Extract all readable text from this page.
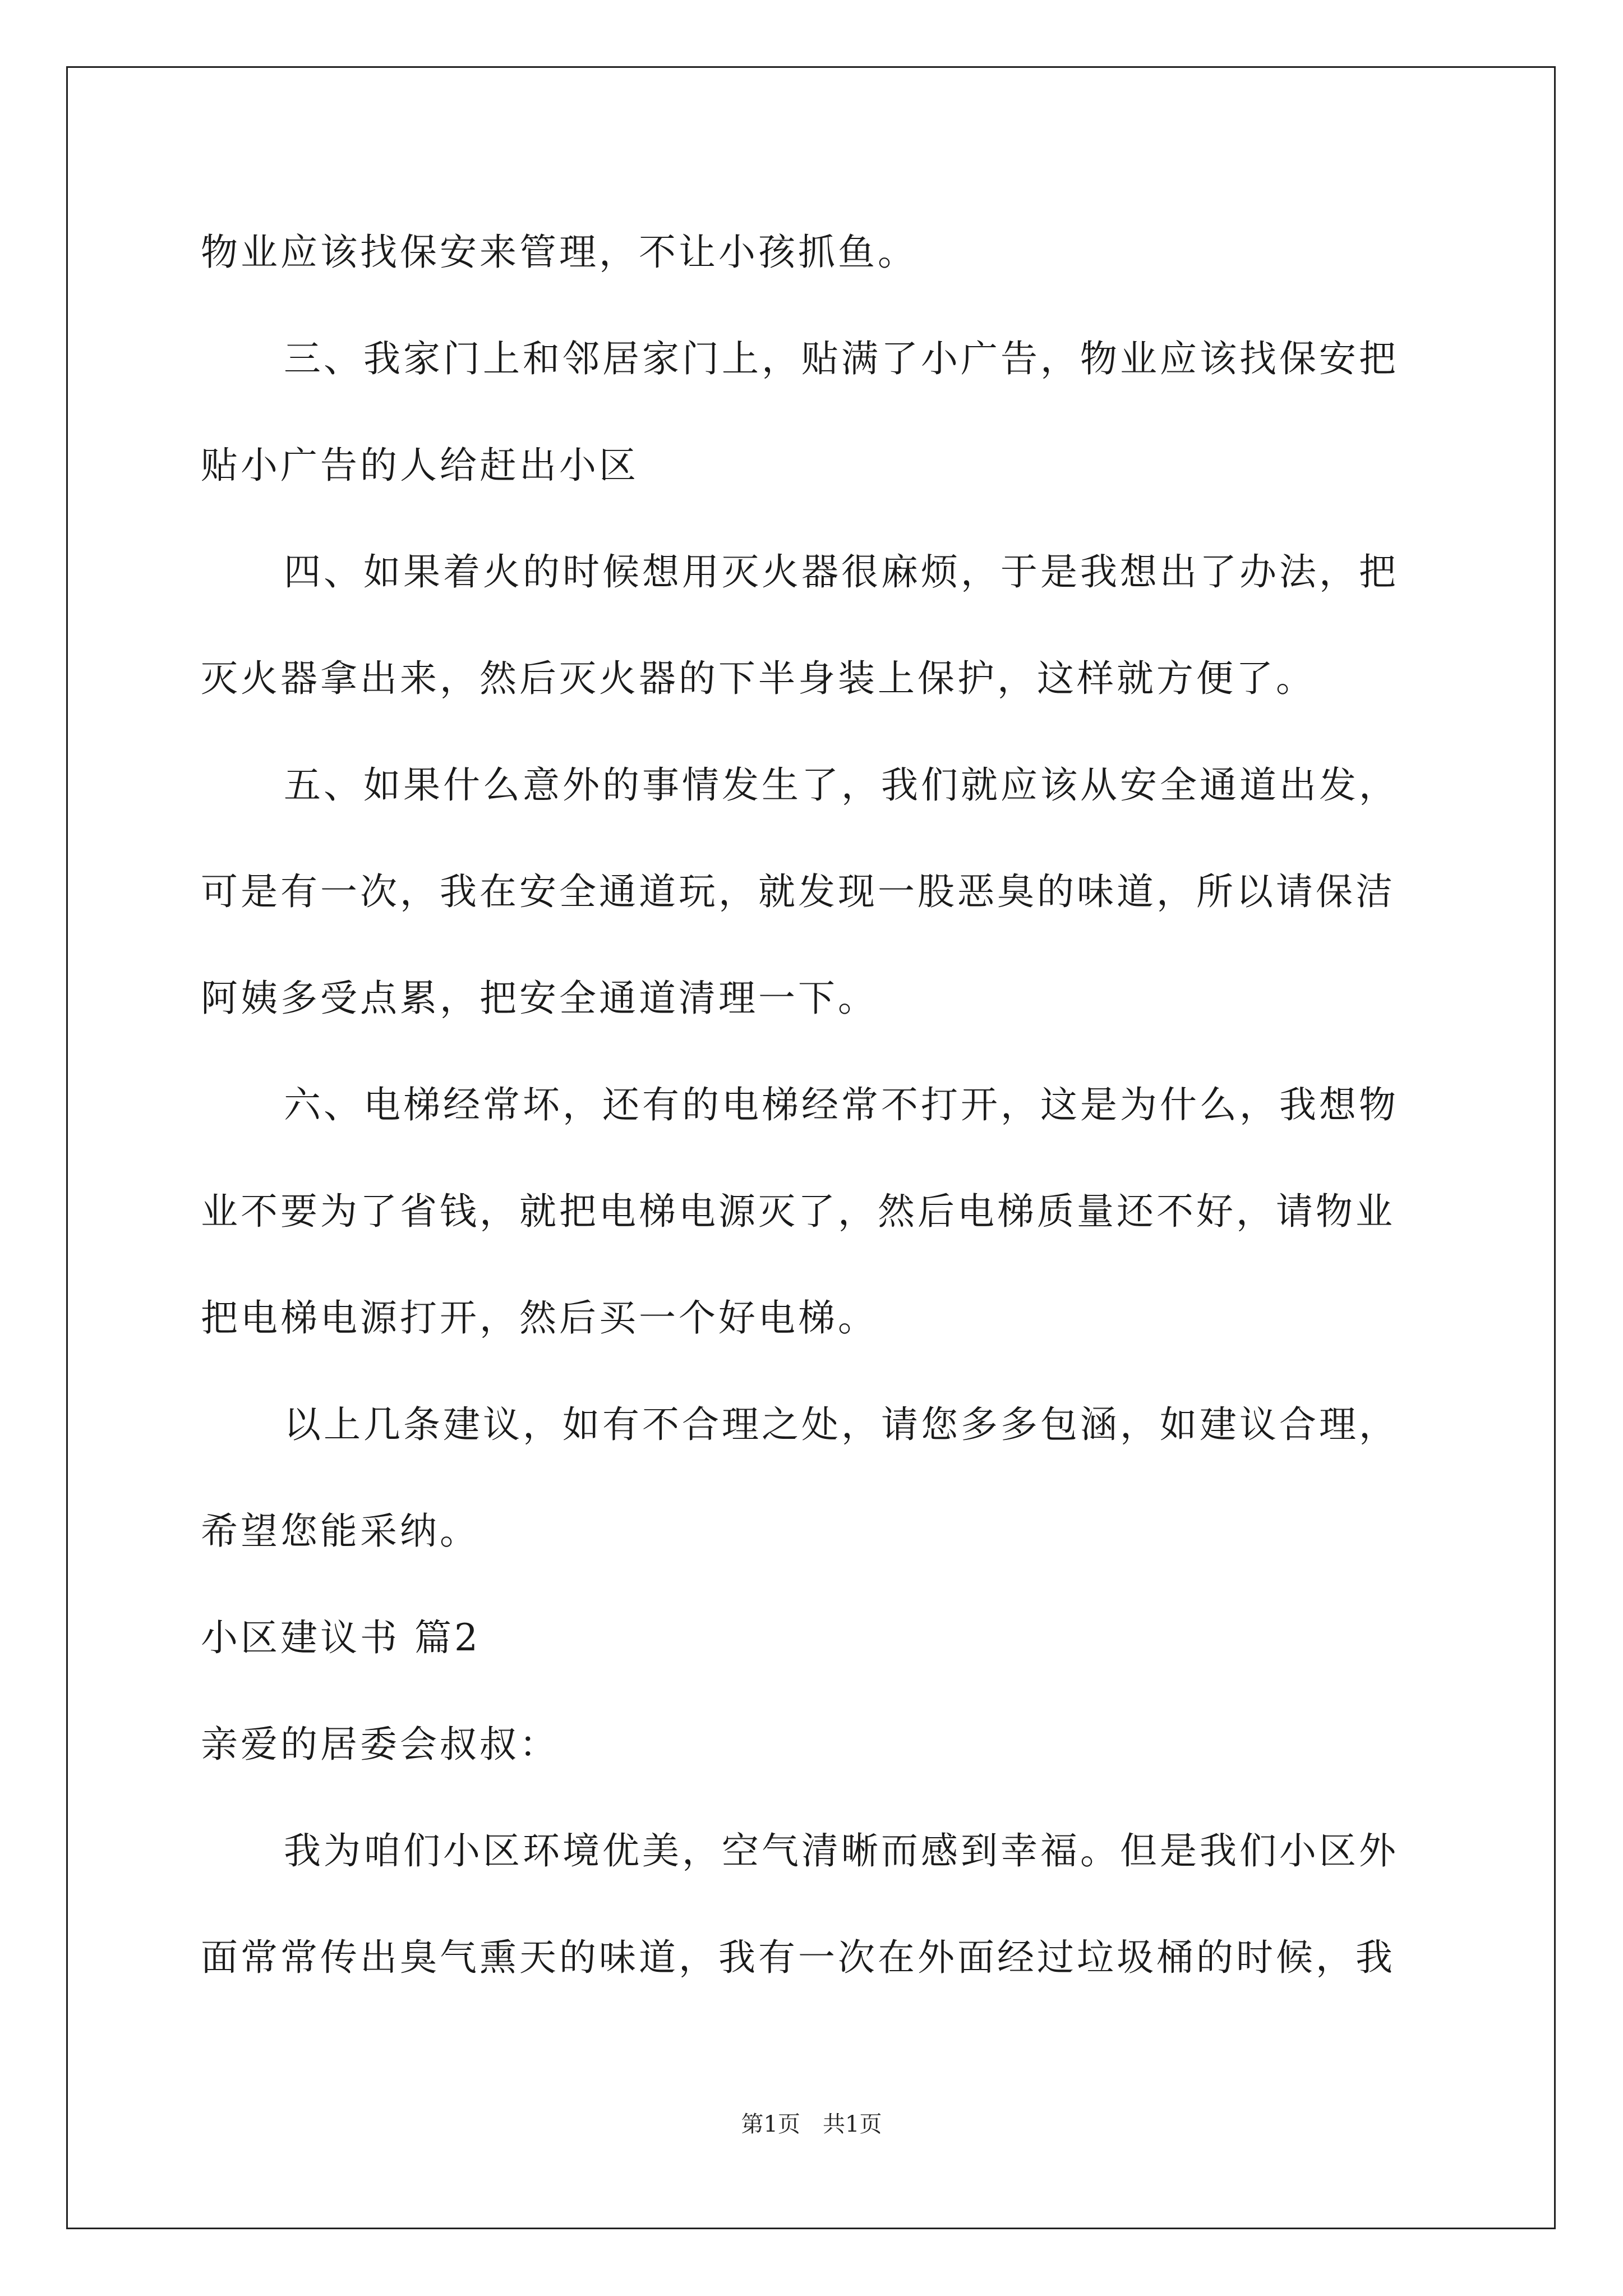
物业应该找保安来管理，不让小孩抓鱼。
三、我家门上和邻居家门上，贴满了小广告，物业应该找保安把
贴小广告的人给赶出小区
四、如果着火的时候想用灭火器很麻烦，于是我想出了办法，把
灭火器拿出来，然后灭火器的下半身装上保护，这样就方便了。
五、如果什么意外的事情发生了，我们就应该从安全通道出发，
可是有一次，我在安全通道玩，就发现一股恶臭的味道，所以请保洁
阿姨多受点累，把安全通道清理一下。
六、电梯经常坏，还有的电梯经常不打开，这是为什么，我想物
业不要为了省钱，就把电梯电源灭了，然后电梯质量还不好，请物业
把电梯电源打开，然后买一个好电梯。
以上几条建议，如有不合理之处，请您多多包涵，如建议合理，
希望您能采纳。
小区建议书 篇2
亲爱的居委会叔叔：
我为咱们小区环境优美，空气清晰而感到幸福。但是我们小区外
面常常传出臭气熏天的味道，我有一次在外面经过垃圾桶的时候，我
第1页　共1页
